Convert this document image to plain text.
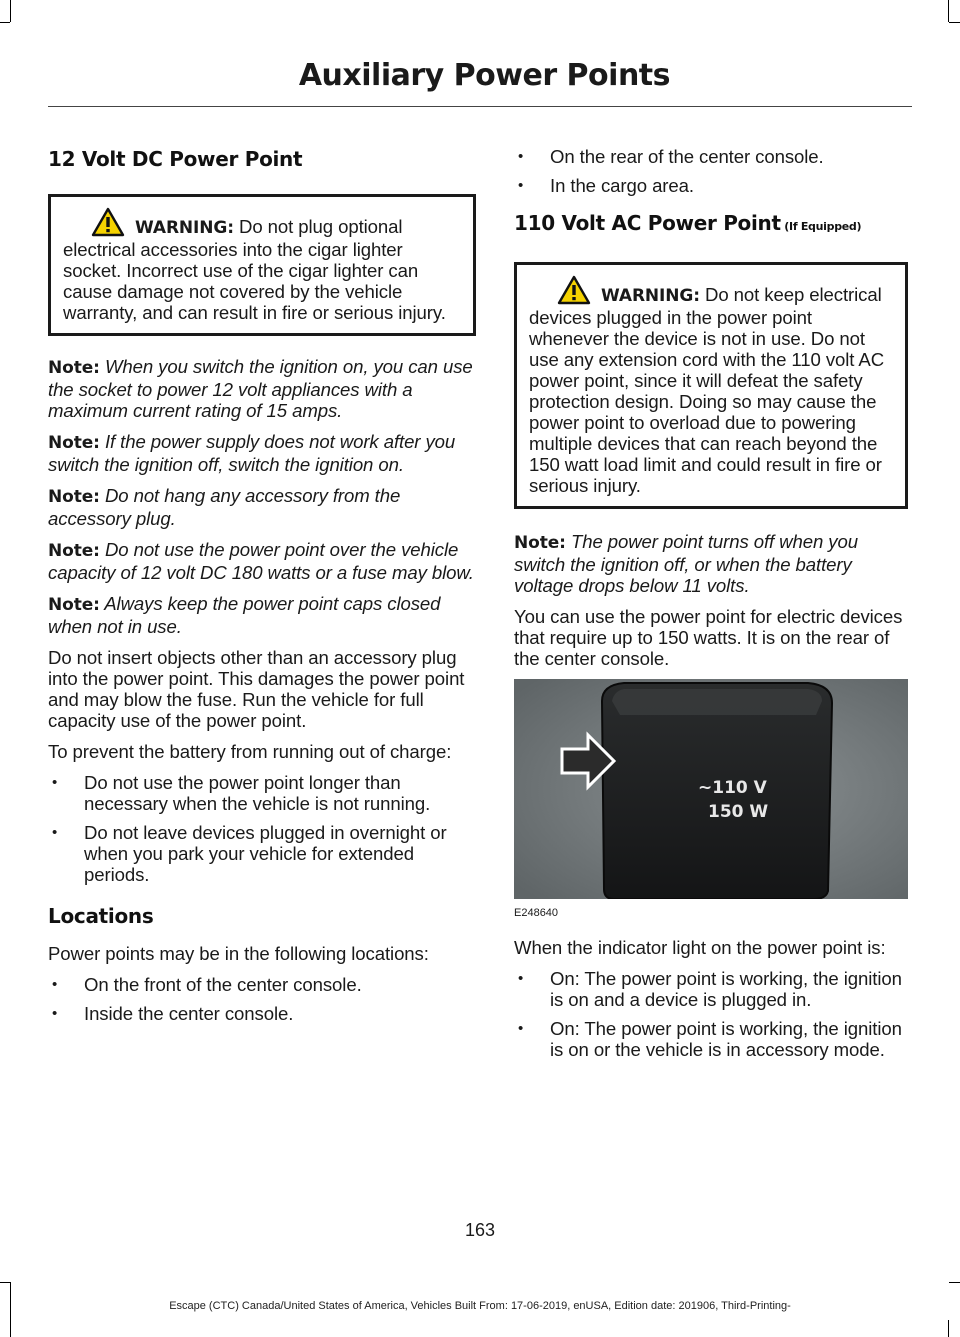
Auxiliary Power Points
12 Volt DC Power Point
WARNING: Do not plug optional electrical accessories into the cigar lighter socket. Incorrect use of the cigar lighter can cause damage not covered by the vehicle warranty, and can result in fire or serious injury.

Note: When you switch the ignition on, you can use the socket to power 12 volt appliances with a maximum current rating of 15 amps.

Note: If the power supply does not work after you switch the ignition off, switch the ignition on.

Note: Do not hang any accessory from the accessory plug.

Note: Do not use the power point over the vehicle capacity of 12 volt DC 180 watts or a fuse may blow.

Note: Always keep the power point caps closed when not in use.

Do not insert objects other than an accessory plug into the power point. This damages the power point and may blow the fuse. Run the vehicle for full capacity use of the power point.

To prevent the battery from running out of charge:

• Do not use the power point longer than necessary when the vehicle is not running.
• Do not leave devices plugged in overnight or when you park your vehicle for extended periods.
Locations

Power points may be in the following locations:

• On the front of the center console.
• Inside the center console.
• On the rear of the center console.
• In the cargo area.
110 Volt AC Power Point (If Equipped)
WARNING: Do not keep electrical devices plugged in the power point whenever the device is not in use. Do not use any extension cord with the 110 volt AC power point, since it will defeat the safety protection design. Doing so may cause the power point to overload due to powering multiple devices that can reach beyond the 150 watt load limit and could result in fire or serious injury.

Note: The power point turns off when you switch the ignition off, or when the battery voltage drops below 11 volts.

You can use the power point for electric devices that require up to 150 watts. It is on the rear of the center console.

~110 V
150 W
E248640

When the indicator light on the power point is:

• On: The power point is working, the ignition is on and a device is plugged in.
• On: The power point is working, the ignition is on or the vehicle is in accessory mode.
163
Escape (CTC) Canada/United States of America, Vehicles Built From: 17-06-2019, enUSA, Edition date: 201906, Third-Printing-
